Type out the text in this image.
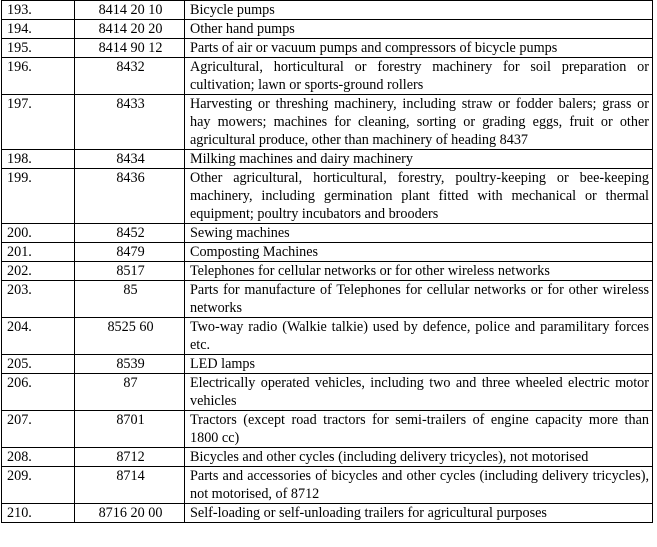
193.	8414 20 10	Bicycle pumps
194.	8414 20 20	Other hand pumps
195.	8414 90 12	Parts of air or vacuum pumps and compressors of bicycle pumps
196.	8432	Agricultural, horticultural or forestry machinery for soil preparation or cultivation; lawn or sports-ground rollers
197.	8433	Harvesting or threshing machinery, including straw or fodder balers; grass or hay mowers; machines for cleaning, sorting or grading eggs, fruit or other agricultural produce, other than machinery of heading 8437
198.	8434	Milking machines and dairy machinery
199.	8436	Other agricultural, horticultural, forestry, poultry-keeping or bee-keeping machinery, including germination plant fitted with mechanical or thermal equipment; poultry incubators and brooders
200.	8452	Sewing machines
201.	8479	Composting Machines
202.	8517	Telephones for cellular networks or for other wireless networks
203.	85	Parts for manufacture of Telephones for cellular networks or for other wireless networks
204.	8525 60	Two-way radio (Walkie talkie) used by defence, police and paramilitary forces etc.
205.	8539	LED lamps
206.	87	Electrically operated vehicles, including two and three wheeled electric motor vehicles
207.	8701	Tractors (except road tractors for semi-trailers of engine capacity more than 1800 cc)
208.	8712	Bicycles and other cycles (including delivery tricycles), not motorised
209.	8714	Parts and accessories of bicycles and other cycles (including delivery tricycles), not motorised, of 8712
210.	8716 20 00	Self-loading or self-unloading trailers for agricultural purposes
